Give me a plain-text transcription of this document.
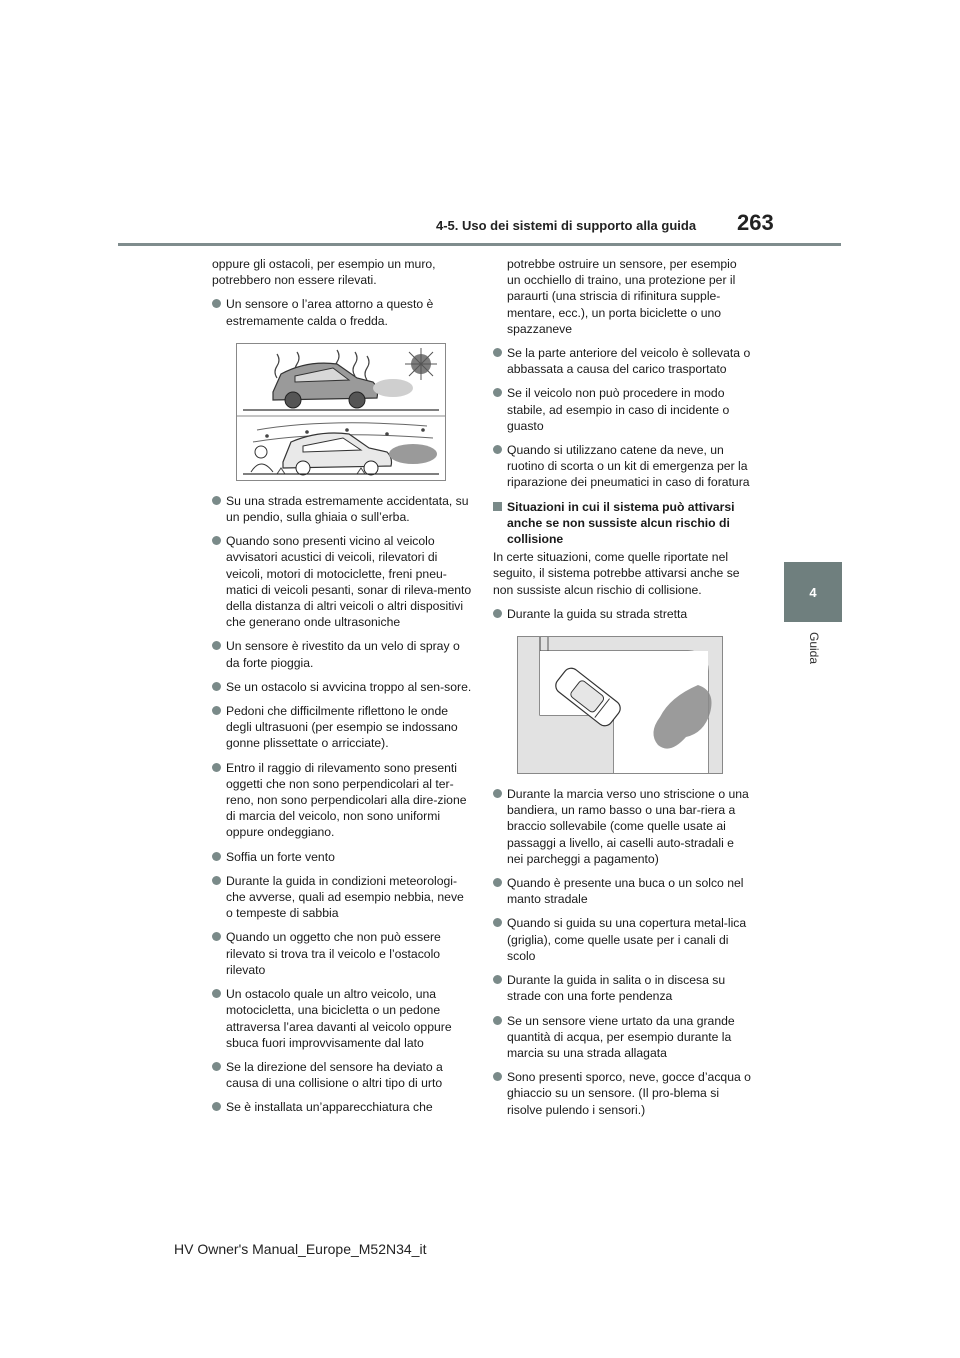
4-5. Uso dei sistemi di supporto alla guida 263
4
Guida

oppure gli ostacoli, per esempio un muro, potrebbero non essere rilevati.

Un sensore o l’area attorno a questo è estremamente calda o fredda.
Su una strada estremamente accidentata, su un pendio, sulla ghiaia o sull’erba.
Quando sono presenti vicino al veicolo avvisatori acustici di veicoli, rilevatori di veicoli, motori di motociclette, freni pneu-matici di veicoli pesanti, sonar di rileva-mento della distanza di altri veicoli o altri dispositivi che generano onde ultrasoniche
Un sensore è rivestito da un velo di spray o da forte pioggia.
Se un ostacolo si avvicina troppo al sen-sore.
Pedoni che difficilmente riflettono le onde degli ultrasuoni (per esempio se indossano gonne plissettate o arricciate).
Entro il raggio di rilevamento sono presenti oggetti che non sono perpendicolari al ter-reno, non sono perpendicolari alla dire-zione di marcia del veicolo, non sono uniformi oppure ondeggiano.
Soffia un forte vento
Durante la guida in condizioni meteorologi-che avverse, quali ad esempio nebbia, neve o tempeste di sabbia
Quando un oggetto che non può essere rilevato si trova tra il veicolo e l’ostacolo rilevato
Un ostacolo quale un altro veicolo, una motocicletta, una bicicletta o un pedone attraversa l’area davanti al veicolo oppure sbuca fuori improvvisamente dal lato
Se la direzione del sensore ha deviato a causa di una collisione o altri tipo di urto
Se è installata un’apparecchiatura che

potrebbe ostruire un sensore, per esempio un occhiello di traino, una protezione per il paraurti (una striscia di rifinitura supple-mentare, ecc.), un porta biciclette o uno spazzaneve

Se la parte anteriore del veicolo è sollevata o abbassata a causa del carico trasportato
Se il veicolo non può procedere in modo stabile, ad esempio in caso di incidente o guasto
Quando si utilizzano catene da neve, un ruotino di scorta o un kit di emergenza per la riparazione dei pneumatici in caso di foratura
Situazioni in cui il sistema può attivarsi anche se non sussiste alcun rischio di collisione

In certe situazioni, come quelle riportate nel seguito, il sistema potrebbe attivarsi anche se non sussiste alcun rischio di collisione.

Durante la guida su strada stretta
Durante la marcia verso uno striscione o una bandiera, un ramo basso o una bar-riera a braccio sollevabile (come quelle usate ai passaggi a livello, ai caselli auto-stradali e nei parcheggi a pagamento)
Quando è presente una buca o un solco nel manto stradale
Quando si guida su una copertura metal-lica (griglia), come quelle usate per i canali di scolo
Durante la guida in salita o in discesa su strade con una forte pendenza
Se un sensore viene urtato da una grande quantità di acqua, per esempio durante la marcia su una strada allagata
Sono presenti sporco, neve, gocce d’acqua o ghiaccio su un sensore. (Il pro-blema si risolve pulendo i sensori.)
HV Owner's Manual_Europe_M52N34_it
